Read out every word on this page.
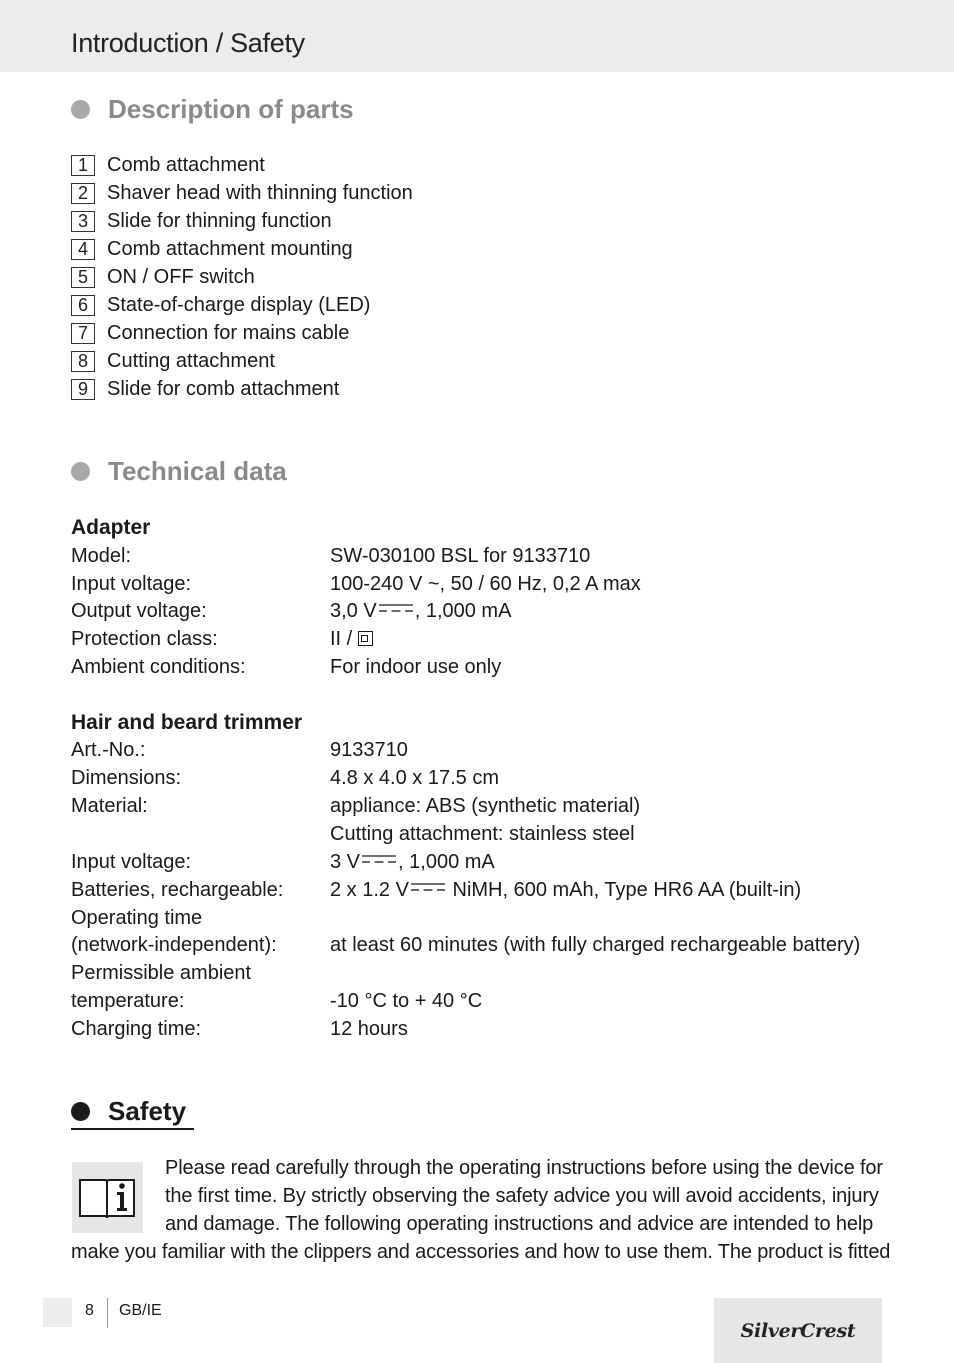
Introduction / Safety
Description of parts
1 Comb attachment
2 Shaver head with thinning function
3 Slide for thinning function
4 Comb attachment mounting
5 ON / OFF switch
6 State-of-charge display (LED)
7 Connection for mains cable
8 Cutting attachment
9 Slide for comb attachment
Technical data
Adapter
Model:	SW-030100 BSL for 9133710
Input voltage:	100-240 V ~, 50 / 60 Hz, 0,2 A max
Output voltage:	3,0 V , 1,000 mA
Protection class:	II /
Ambient conditions:	For indoor use only
Hair and beard trimmer
Art.-No.:	9133710
Dimensions:	4.8 x 4.0 x 17.5 cm
Material:	appliance: ABS (synthetic material)
Cutting attachment: stainless steel
Input voltage:	3 V , 1,000 mA
Batteries, rechargeable: 2 x 1.2 V NiMH, 600 mAh, Type HR6 AA (built-in)
Operating time
(network-independent):	at least 60 minutes (with fully charged rechargeable battery)
Permissible ambient
temperature:	-10 °C to + 40 °C
Charging time:	12 hours
Safety
Please read carefully through the operating instructions before using the device for
the first time. By strictly observing the safety advice you will avoid accidents, injury
and damage. The following operating instructions and advice are intended to help
make you familiar with the clippers and accessories and how to use them. The product is fitted
8 GB/IE
SilverCrest
